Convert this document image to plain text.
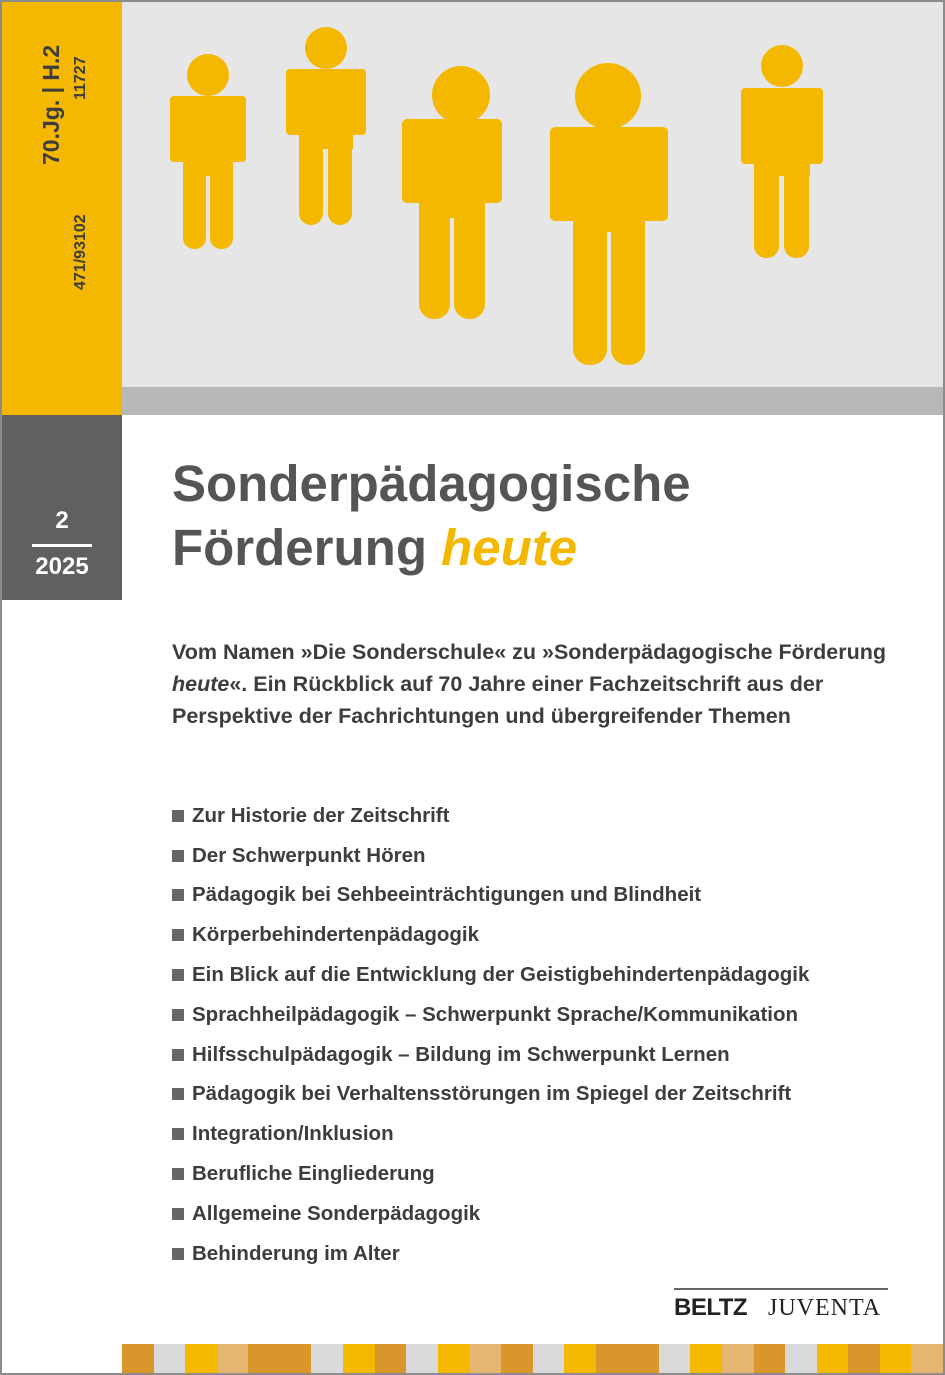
70.Jg. | H.2
471/93102
11727
2
2025
Sonderpädagogische
Förderung heute

Vom Namen »Die Sonderschule« zu »Sonderpädagogische Förderung heute«. Ein Rückblick auf 70 Jahre einer Fachzeitschrift aus der Perspektive der Fachrichtungen und übergreifender Themen

Zur Historie der Zeitschrift
Der Schwerpunkt Hören
Pädagogik bei Sehbeeinträchtigungen und Blindheit
Körperbehindertenpädagogik
Ein Blick auf die Entwicklung der Geistigbehindertenpädagogik
Sprachheilpädagogik – Schwerpunkt Sprache/Kommunikation
Hilfsschulpädagogik – Bildung im Schwerpunkt Lernen
Pädagogik bei Verhaltensstörungen im Spiegel der Zeitschrift
Integration/Inklusion
Berufliche Eingliederung
Allgemeine Sonderpädagogik
Behinderung im Alter
BELTZ JUVENTA
